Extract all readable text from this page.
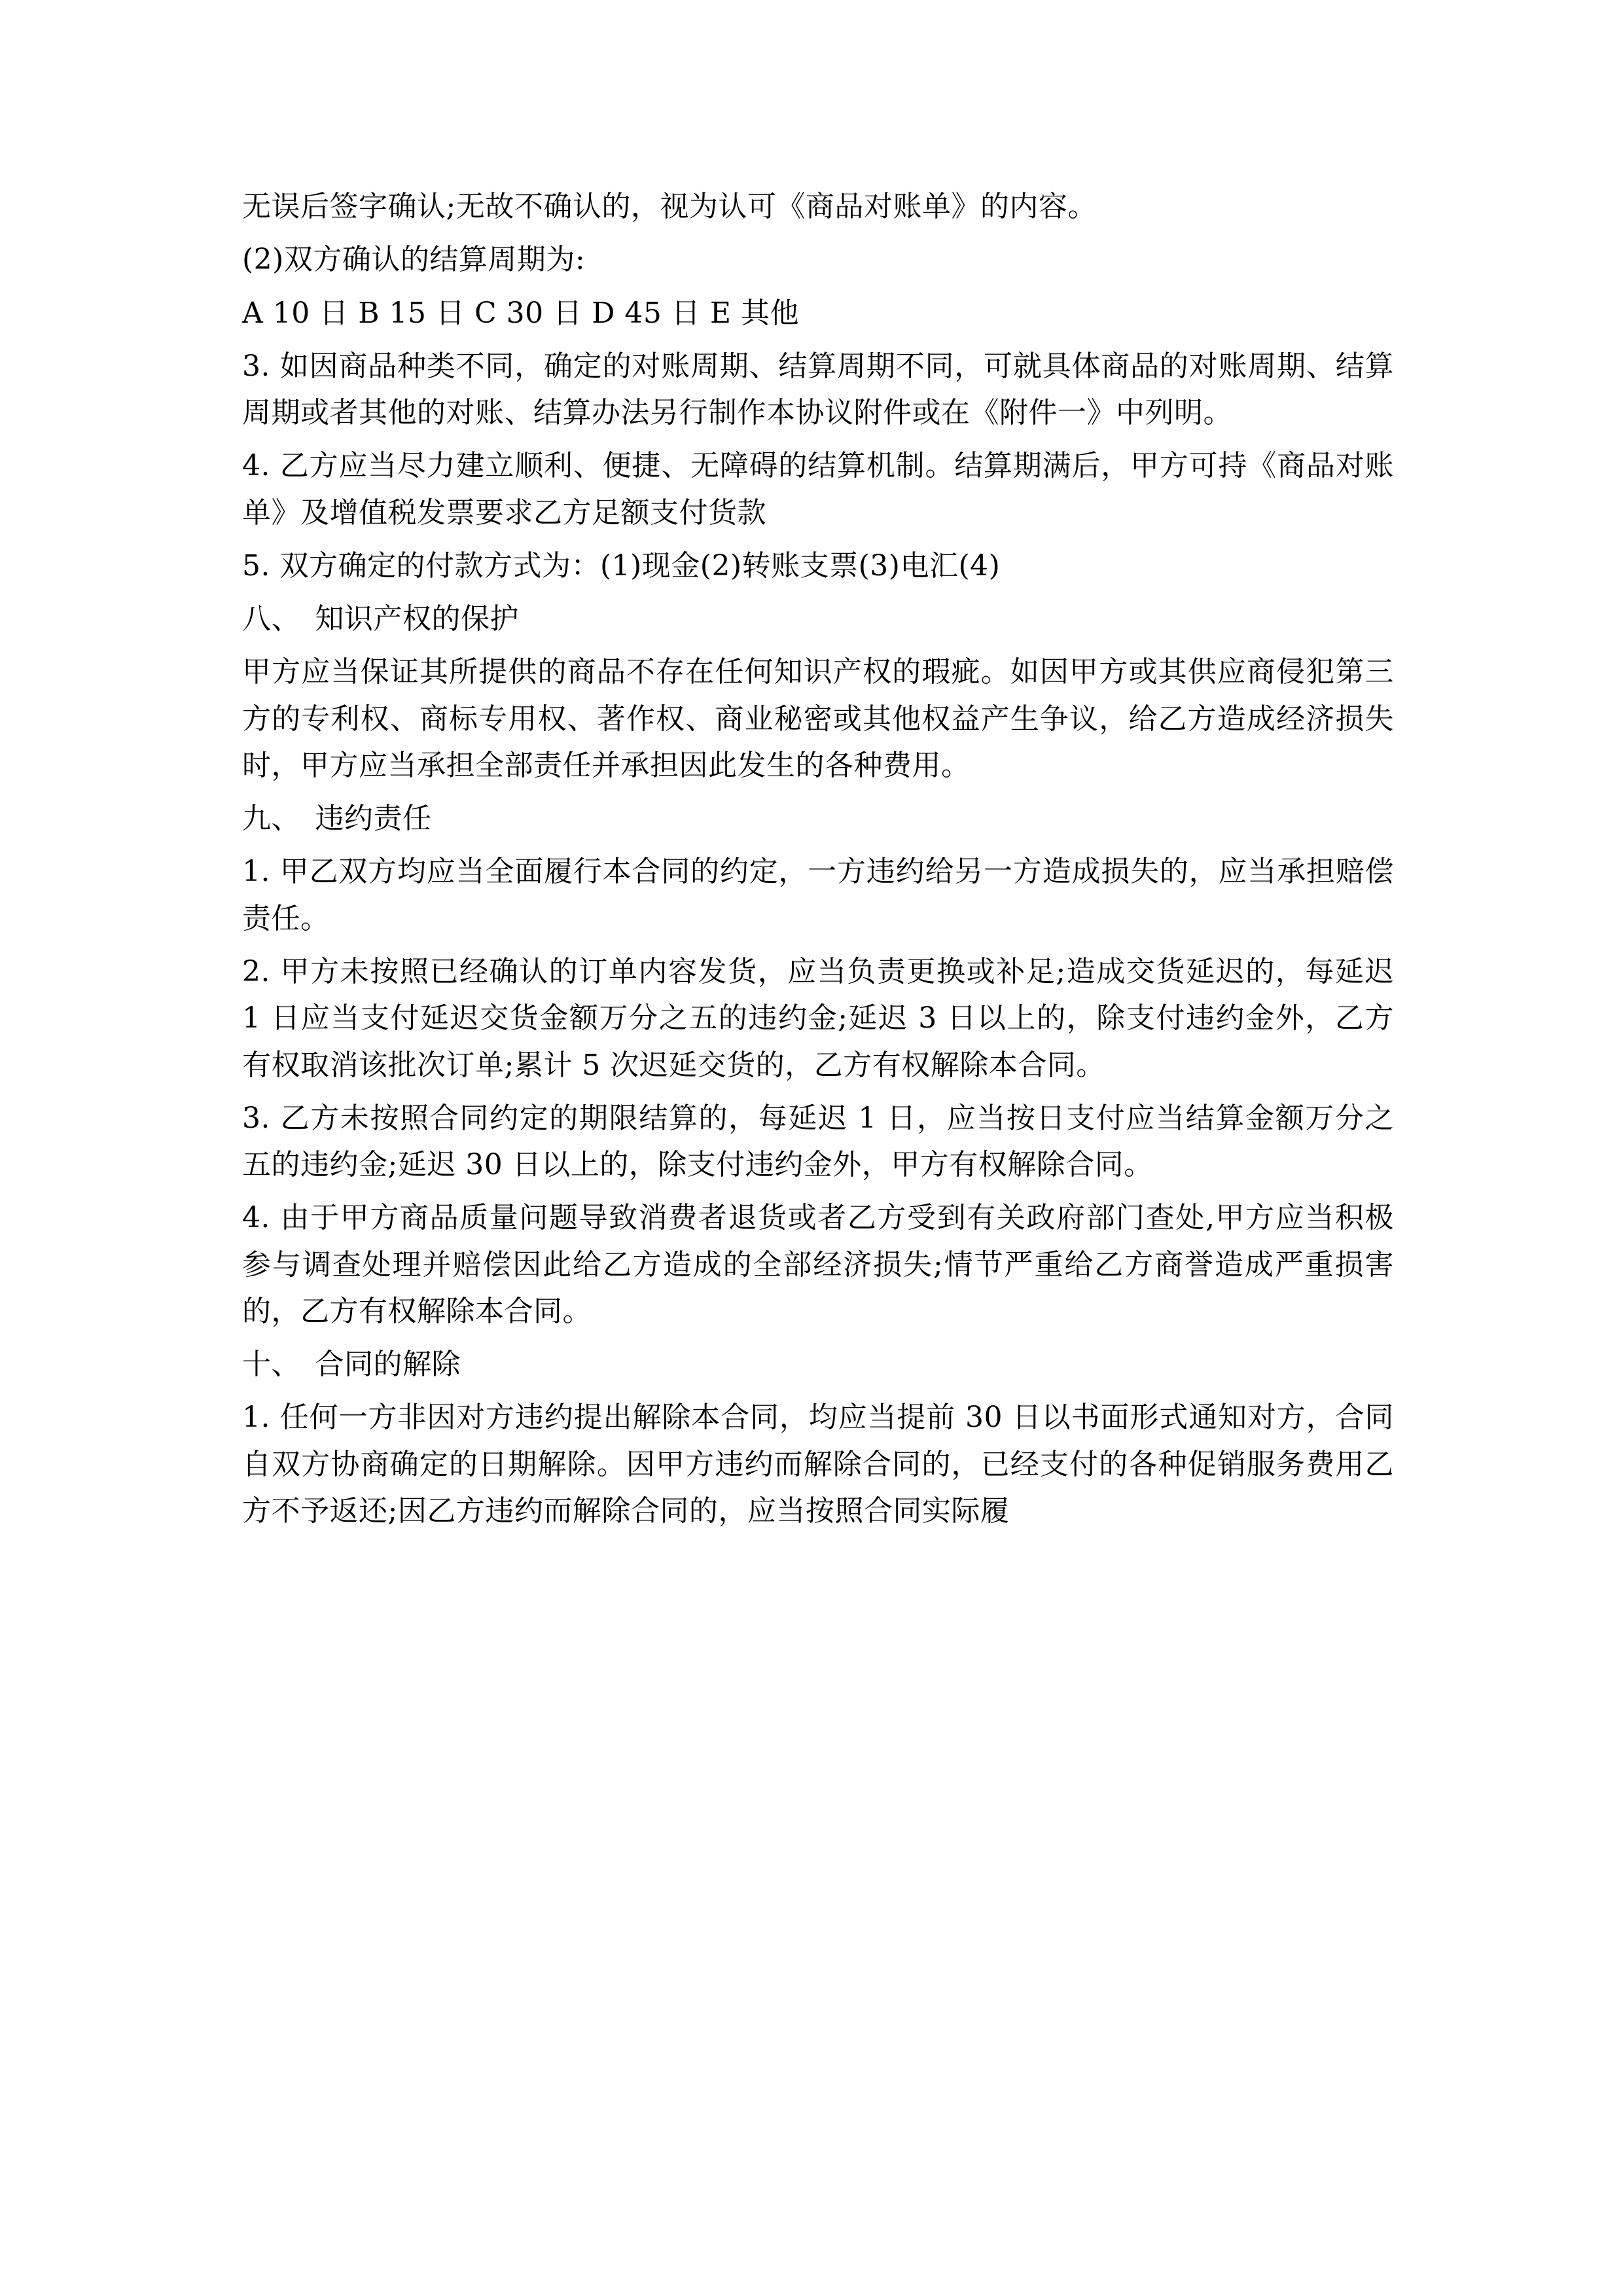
无误后签字确认;无故不确认的，视为认可《商品对账单》的内容。

(2)双方确认的结算周期为:

A 10 日 B 15 日 C 30 日 D 45 日 E 其他

3. 如因商品种类不同，确定的对账周期、结算周期不同，可就具体商品的对账周期、结算周期或者其他的对账、结算办法另行制作本协议附件或在《附件一》中列明。

4. 乙方应当尽力建立顺利、便捷、无障碍的结算机制。结算期满后，甲方可持《商品对账单》及增值税发票要求乙方足额支付货款

5. 双方确定的付款方式为：(1)现金(2)转账支票(3)电汇(4)

八、　知识产权的保护

甲方应当保证其所提供的商品不存在任何知识产权的瑕疵。如因甲方或其供应商侵犯第三方的专利权、商标专用权、著作权、商业秘密或其他权益产生争议，给乙方造成经济损失时，甲方应当承担全部责任并承担因此发生的各种费用。

九、　违约责任

1. 甲乙双方均应当全面履行本合同的约定，一方违约给另一方造成损失的，应当承担赔偿责任。

2. 甲方未按照已经确认的订单内容发货，应当负责更换或补足;造成交货延迟的，每延迟 1 日应当支付延迟交货金额万分之五的违约金;延迟 3 日以上的，除支付违约金外，乙方有权取消该批次订单;累计 5 次迟延交货的，乙方有权解除本合同。

3. 乙方未按照合同约定的期限结算的，每延迟 1 日，应当按日支付应当结算金额万分之五的违约金;延迟 30 日以上的，除支付违约金外，甲方有权解除合同。

4. 由于甲方商品质量问题导致消费者退货或者乙方受到有关政府部门查处,甲方应当积极参与调查处理并赔偿因此给乙方造成的全部经济损失;情节严重给乙方商誉造成严重损害的，乙方有权解除本合同。

十、　合同的解除

1. 任何一方非因对方违约提出解除本合同，均应当提前 30 日以书面形式通知对方，合同自双方协商确定的日期解除。因甲方违约而解除合同的，已经支付的各种促销服务费用乙方不予返还;因乙方违约而解除合同的，应当按照合同实际履
